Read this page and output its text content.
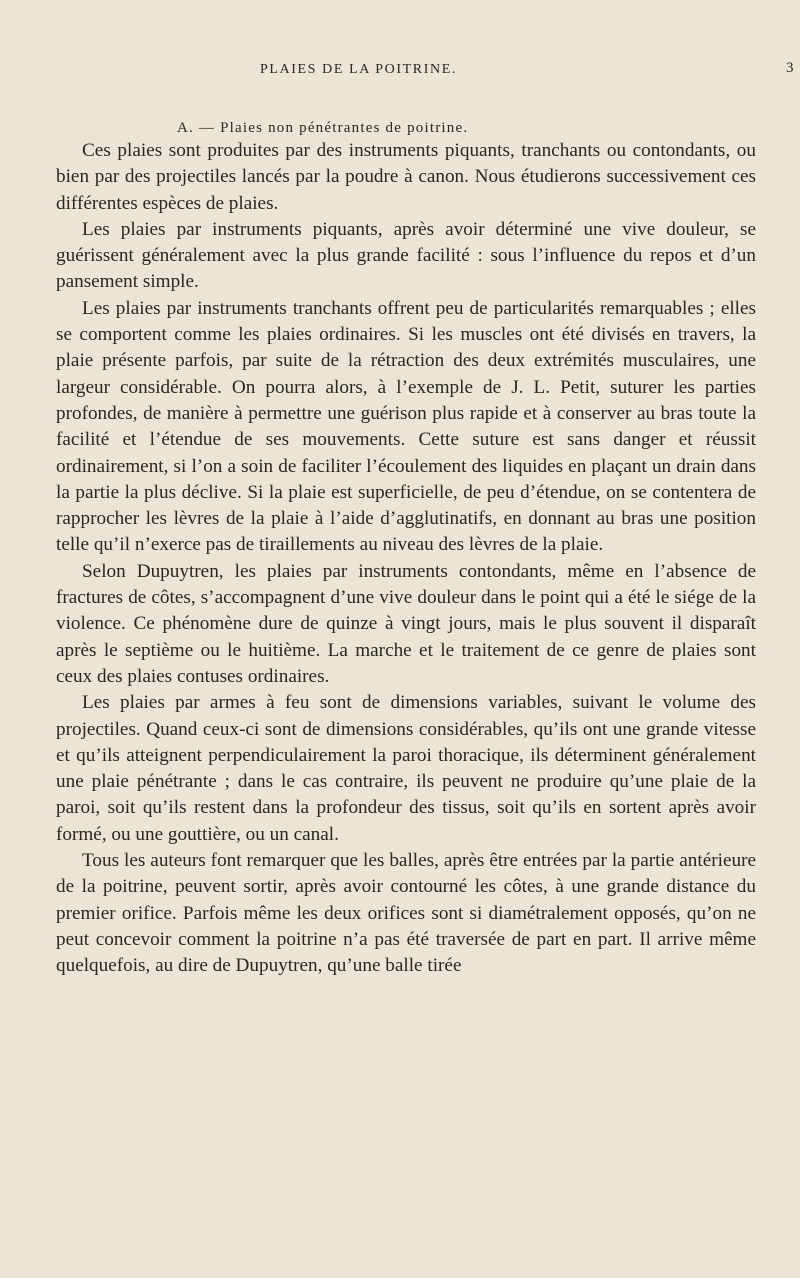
PLAIES DE LA POITRINE.	3
A. — Plaies non pénétrantes de poitrine.

Ces plaies sont produites par des instruments piquants, tranchants ou contondants, ou bien par des projectiles lancés par la poudre à canon. Nous étudierons successivement ces différentes espèces de plaies.

Les plaies par instruments piquants, après avoir déterminé une vive douleur, se guérissent généralement avec la plus grande facilité : sous l’influence du repos et d’un pansement simple.

Les plaies par instruments tranchants offrent peu de particularités remarquables ; elles se comportent comme les plaies ordinaires. Si les muscles ont été divisés en travers, la plaie présente parfois, par suite de la rétraction des deux extrémités musculaires, une largeur considérable. On pourra alors, à l’exemple de J. L. Petit, suturer les parties profondes, de manière à permettre une guérison plus rapide et à conserver au bras toute la facilité et l’étendue de ses mouvements. Cette suture est sans danger et réussit ordinairement, si l’on a soin de faciliter l’écoulement des liquides en plaçant un drain dans la partie la plus déclive. Si la plaie est superficielle, de peu d’étendue, on se contentera de rapprocher les lèvres de la plaie à l’aide d’agglutinatifs, en donnant au bras une position telle qu’il n’exerce pas de tiraillements au niveau des lèvres de la plaie.

Selon Dupuytren, les plaies par instruments contondants, même en l’absence de fractures de côtes, s’accompagnent d’une vive douleur dans le point qui a été le siége de la violence. Ce phénomène dure de quinze à vingt jours, mais le plus souvent il disparaît après le septième ou le huitième. La marche et le traitement de ce genre de plaies sont ceux des plaies contuses ordinaires.

Les plaies par armes à feu sont de dimensions variables, suivant le volume des projectiles. Quand ceux-ci sont de dimensions considérables, qu’ils ont une grande vitesse et qu’ils atteignent perpendiculairement la paroi thoracique, ils déterminent généralement une plaie pénétrante ; dans le cas contraire, ils peuvent ne produire qu’une plaie de la paroi, soit qu’ils restent dans la profondeur des tissus, soit qu’ils en sortent après avoir formé, ou une gouttière, ou un canal.

Tous les auteurs font remarquer que les balles, après être entrées par la partie antérieure de la poitrine, peuvent sortir, après avoir contourné les côtes, à une grande distance du premier orifice. Parfois même les deux orifices sont si diamétralement opposés, qu’on ne peut concevoir comment la poitrine n’a pas été traversée de part en part. Il arrive même quelquefois, au dire de Dupuytren, qu’une balle tirée
